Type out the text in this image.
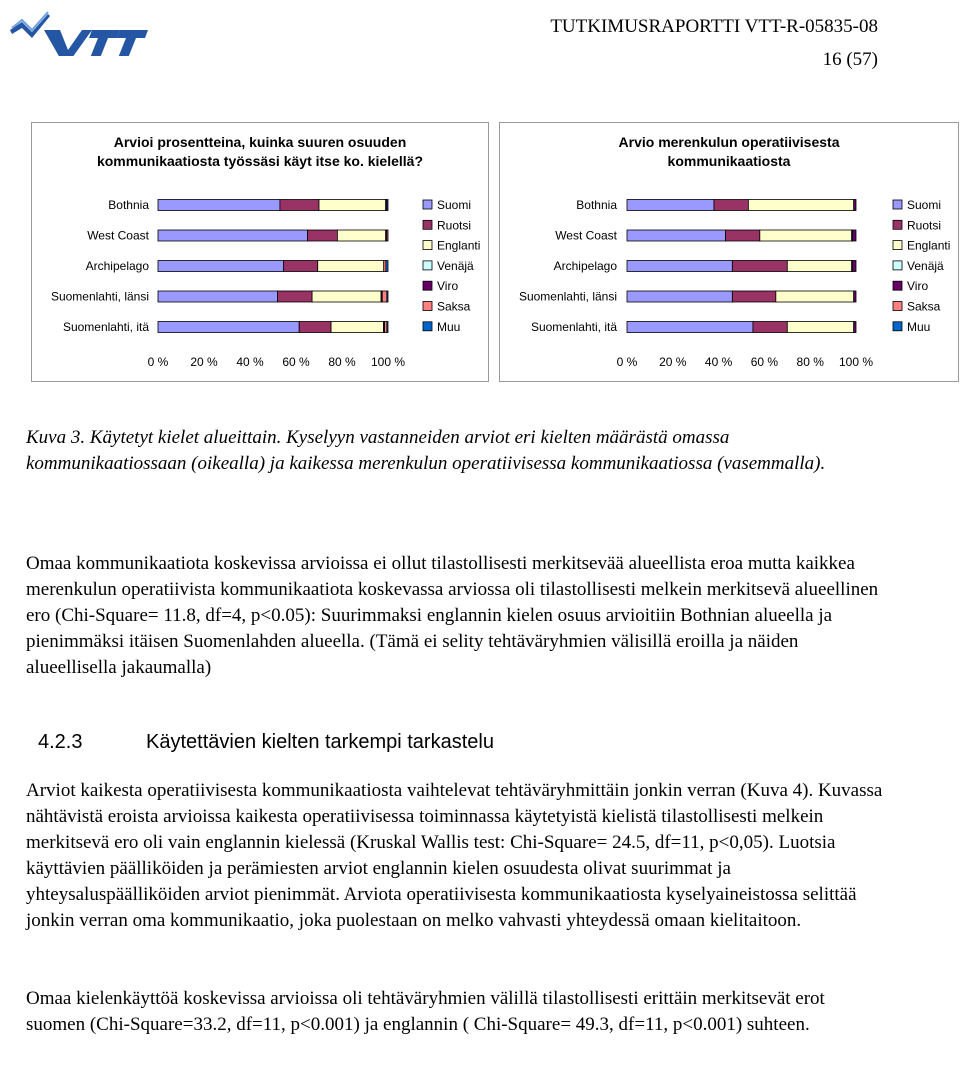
TUTKIMUSRAPORTTI VTT-R-05835-08
16 (57)
Arvioi prosentteina, kuinka suuren osuuden kommunikaatiosta työssäsi käyt itse ko. kielellä?
Bothnia
West Coast
Archipelago
Suomenlahti, länsi
Suomenlahti, itä
0 % 20 % 40 % 60 % 80 % 100 %
Suomi
Ruotsi
Englanti
Venäjä
Viro
Saksa
Muu
Arvio merenkulun operatiivisesta kommunikaatiosta
Bothnia
West Coast
Archipelago
Suomenlahti, länsi
Suomenlahti, itä
0 % 20 % 40 % 60 % 80 % 100 %
Suomi
Ruotsi
Englanti
Venäjä
Viro
Saksa
Muu
Kuva 3. Käytetyt kielet alueittain. Kyselyyn vastanneiden arviot eri kielten määrästä omassa kommunikaatiossaan (oikealla) ja kaikessa merenkulun operatiivisessa kommunikaatiossa (vasemmalla).
Omaa kommunikaatiota koskevissa arvioissa ei ollut tilastollisesti merkitsevää alueellista eroa mutta kaikkea merenkulun operatiivista kommunikaatiota koskevassa arviossa oli tilastollisesti melkein merkitsevä alueellinen ero (Chi-Square= 11.8, df=4, p<0.05): Suurimmaksi englannin kielen osuus arvioitiin Bothnian alueella ja pienimmäksi itäisen Suomenlahden alueella. (Tämä ei selity tehtäväryhmien välisillä eroilla ja näiden alueellisella jakaumalla)
4.2.3	Käytettävien kielten tarkempi tarkastelu
Arviot kaikesta operatiivisesta kommunikaatiosta vaihtelevat tehtäväryhmittäin jonkin verran (Kuva 4). Kuvassa nähtävistä eroista arvioissa kaikesta operatiivisessa toiminnassa käytetyistä kielistä tilastollisesti melkein merkitsevä ero oli vain englannin kielessä (Kruskal Wallis test: Chi-Square= 24.5, df=11, p<0,05). Luotsia käyttävien päälliköiden ja perämiesten arviot englannin kielen osuudesta olivat suurimmat ja yhteysaluspäälliköiden arviot pienimmät. Arviota operatiivisesta kommunikaatiosta kyselyaineistossa selittää jonkin verran oma kommunikaatio, joka puolestaan on melko vahvasti yhteydessä omaan kielitaitoon.
Omaa kielenkäyttöä koskevissa arvioissa oli tehtäväryhmien välillä tilastollisesti erittäin merkitsevät erot suomen (Chi-Square=33.2, df=11, p<0.001) ja englannin ( Chi-Square= 49.3, df=11, p<0.001) suhteen.
